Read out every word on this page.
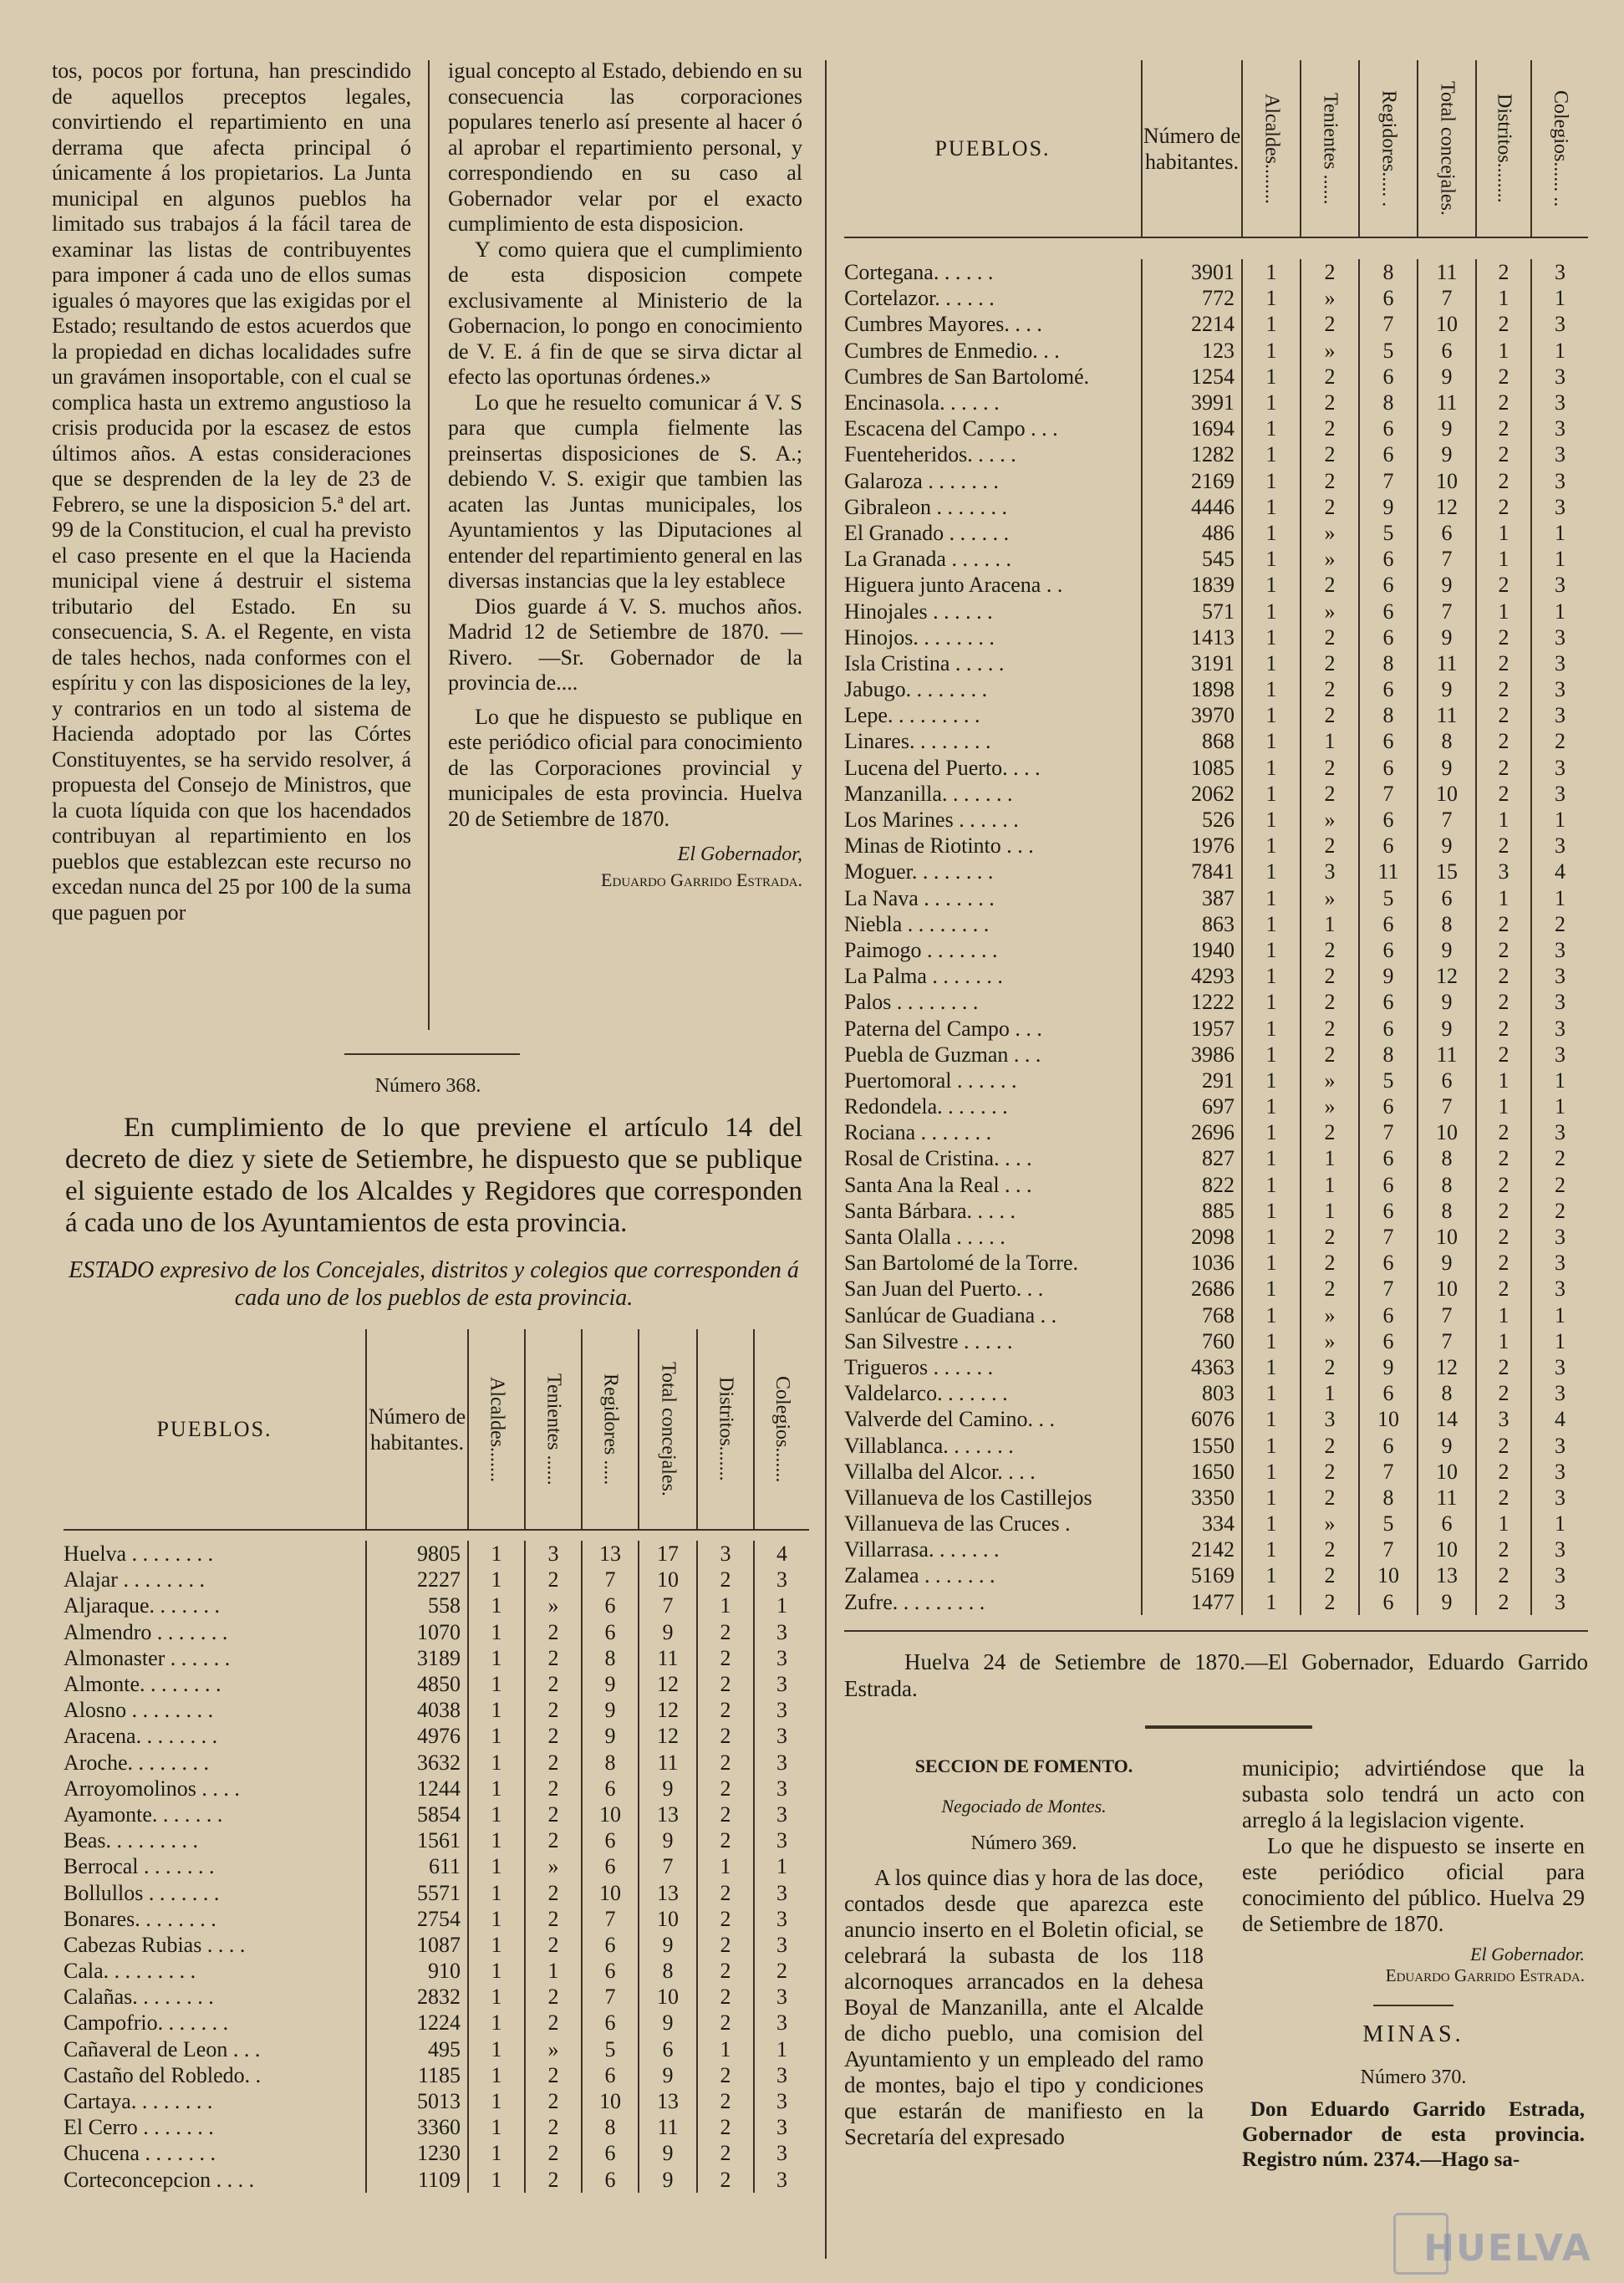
tos, pocos por fortuna, han prescindido de aquellos preceptos legales, convirtiendo el repartimiento en una derrama que afecta principal ó únicamente á los propietarios. La Junta municipal en algunos pueblos ha limitado sus trabajos á la fácil tarea de examinar las listas de contribuyentes para imponer á cada uno de ellos sumas iguales ó mayores que las exigidas por el Estado; resultando de estos acuerdos que la propiedad en dichas localidades sufre un gravámen insoportable, con el cual se complica hasta un extremo angustioso la crisis producida por la escasez de estos últimos años. A estas consideraciones que se desprenden de la ley de 23 de Febrero, se une la disposicion 5.ª del art. 99 de la Constitucion, el cual ha previsto el caso presente en el que la Hacienda municipal viene á destruir el sistema tributario del Estado. En su consecuencia, S. A. el Regente, en vista de tales hechos, nada conformes con el espíritu y con las disposiciones de la ley, y contrarios en un todo al sistema de Hacienda adoptado por las Córtes Constituyentes, se ha servido resolver, á propuesta del Consejo de Ministros, que la cuota líquida con que los hacendados contribuyan al repartimiento en los pueblos que establezcan este recurso no excedan nunca del 25 por 100 de la suma que paguen por

igual concepto al Estado, debiendo en su consecuencia las corporaciones populares tenerlo así presente al hacer ó al aprobar el repartimiento personal, y correspondiendo en su caso al Gobernador velar por el exacto cumplimiento de esta disposicion.

Y como quiera que el cumplimiento de esta disposicion compete exclusivamente al Ministerio de la Gobernacion, lo pongo en conocimiento de V. E. á fin de que se sirva dictar al efecto las oportunas órdenes.»

Lo que he resuelto comunicar á V. S para que cumpla fielmente las preinsertas disposiciones de S. A.; debiendo V. S. exigir que tambien las acaten las Juntas municipales, los Ayuntamientos y las Diputaciones al entender del repartimiento general en las diversas instancias que la ley establece

Dios guarde á V. S. muchos años. Madrid 12 de Setiembre de 1870. —Rivero. —Sr. Gobernador de la provincia de....

Lo que he dispuesto se publique en este periódico oficial para conocimiento de las Corporaciones provincial y municipales de esta provincia. Huelva 20 de Setiembre de 1870.

El Gobernador,

Eduardo Garrido Estrada.

Número 368.

En cumplimiento de lo que previene el artículo 14 del decreto de diez y siete de Setiembre, he dispuesto que se publique el siguiente estado de los Alcaldes y Regidores que corresponden á cada uno de los Ayuntamientos de esta provincia.

ESTADO expresivo de los Concejales, distritos y colegios que corresponden á cada uno de los pueblos de esta provincia.

PUEBLOS.	Número de habitantes.	Alcaldes.......	Tenientes ......	Regidores .....	Total concejales.	Distritos.......	Colegios.......

Huelva . . . . . . . .	9805	1	3	13	17	3	4
Alajar . . . . . . . .	2227	1	2	7	10	2	3
Aljaraque. . . . . . .	558	1	»	6	7	1	1
Almendro . . . . . . .	1070	1	2	6	9	2	3
Almonaster . . . . . .	3189	1	2	8	11	2	3
Almonte. . . . . . . .	4850	1	2	9	12	2	3
Alosno . . . . . . . .	4038	1	2	9	12	2	3
Aracena. . . . . . . .	4976	1	2	9	12	2	3
Aroche. . . . . . . .	3632	1	2	8	11	2	3
Arroyomolinos . . . .	1244	1	2	6	9	2	3
Ayamonte. . . . . . .	5854	1	2	10	13	2	3
Beas. . . . . . . . .	1561	1	2	6	9	2	3
Berrocal . . . . . . .	611	1	»	6	7	1	1
Bollullos . . . . . . .	5571	1	2	10	13	2	3
Bonares. . . . . . . .	2754	1	2	7	10	2	3
Cabezas Rubias . . . .	1087	1	2	6	9	2	3
Cala. . . . . . . . .	910	1	1	6	8	2	2
Calañas. . . . . . . .	2832	1	2	7	10	2	3
Campofrio. . . . . . .	1224	1	2	6	9	2	3
Cañaveral de Leon . . .	495	1	»	5	6	1	1
Castaño del Robledo. .	1185	1	2	6	9	2	3
Cartaya. . . . . . . .	5013	1	2	10	13	2	3
El Cerro . . . . . . .	3360	1	2	8	11	2	3
Chucena . . . . . . .	1230	1	2	6	9	2	3
Corteconcepcion . . . .	1109	1	2	6	9	2	3
PUEBLOS.	Número de habitantes.	Alcaldes........	Tenientes ......	Regidores..... .	Total concejales.	Distritos........	Colegios...... ..

Cortegana. . . . . .	3901	1	2	8	11	2	3
Cortelazor. . . . . .	772	1	»	6	7	1	1
Cumbres Mayores. . . .	2214	1	2	7	10	2	3
Cumbres de Enmedio. . .	123	1	»	5	6	1	1
Cumbres de San Bartolomé.	1254	1	2	6	9	2	3
Encinasola. . . . . .	3991	1	2	8	11	2	3
Escacena del Campo . . .	1694	1	2	6	9	2	3
Fuenteheridos. . . . .	1282	1	2	6	9	2	3
Galaroza . . . . . . .	2169	1	2	7	10	2	3
Gibraleon . . . . . . .	4446	1	2	9	12	2	3
El Granado . . . . . .	486	1	»	5	6	1	1
La Granada . . . . . .	545	1	»	6	7	1	1
Higuera junto Aracena . .	1839	1	2	6	9	2	3
Hinojales . . . . . .	571	1	»	6	7	1	1
Hinojos. . . . . . . .	1413	1	2	6	9	2	3
Isla Cristina . . . . .	3191	1	2	8	11	2	3
Jabugo. . . . . . . .	1898	1	2	6	9	2	3
Lepe. . . . . . . . .	3970	1	2	8	11	2	3
Linares. . . . . . . .	868	1	1	6	8	2	2
Lucena del Puerto. . . .	1085	1	2	6	9	2	3
Manzanilla. . . . . . .	2062	1	2	7	10	2	3
Los Marines . . . . . .	526	1	»	6	7	1	1
Minas de Riotinto . . .	1976	1	2	6	9	2	3
Moguer. . . . . . . .	7841	1	3	11	15	3	4
La Nava . . . . . . .	387	1	»	5	6	1	1
Niebla . . . . . . . .	863	1	1	6	8	2	2
Paimogo . . . . . . .	1940	1	2	6	9	2	3
La Palma . . . . . . .	4293	1	2	9	12	2	3
Palos . . . . . . . .	1222	1	2	6	9	2	3
Paterna del Campo . . .	1957	1	2	6	9	2	3
Puebla de Guzman . . .	3986	1	2	8	11	2	3
Puertomoral . . . . . .	291	1	»	5	6	1	1
Redondela. . . . . . .	697	1	»	6	7	1	1
Rociana . . . . . . .	2696	1	2	7	10	2	3
Rosal de Cristina. . . .	827	1	1	6	8	2	2
Santa Ana la Real . . .	822	1	1	6	8	2	2
Santa Bárbara. . . . .	885	1	1	6	8	2	2
Santa Olalla . . . . .	2098	1	2	7	10	2	3
San Bartolomé de la Torre.	1036	1	2	6	9	2	3
San Juan del Puerto. . .	2686	1	2	7	10	2	3
Sanlúcar de Guadiana . .	768	1	»	6	7	1	1
San Silvestre . . . . .	760	1	»	6	7	1	1
Trigueros . . . . . .	4363	1	2	9	12	2	3
Valdelarco. . . . . . .	803	1	1	6	8	2	3
Valverde del Camino. . .	6076	1	3	10	14	3	4
Villablanca. . . . . . .	1550	1	2	6	9	2	3
Villalba del Alcor. . . .	1650	1	2	7	10	2	3
Villanueva de los Castillejos	3350	1	2	8	11	2	3
Villanueva de las Cruces .	334	1	»	5	6	1	1
Villarrasa. . . . . . .	2142	1	2	7	10	2	3
Zalamea . . . . . . .	5169	1	2	10	13	2	3
Zufre. . . . . . . . .	1477	1	2	6	9	2	3

Huelva 24 de Setiembre de 1870.—El Gobernador, Eduardo Garrido Estrada.

SECCION DE FOMENTO.

Negociado de Montes.

Número 369.

A los quince dias y hora de las doce, contados desde que aparezca este anuncio inserto en el Boletin oficial, se celebrará la subasta de los 118 alcornoques arrancados en la dehesa Boyal de Manzanilla, ante el Alcalde de dicho pueblo, una comision del Ayuntamiento y un empleado del ramo de montes, bajo el tipo y condiciones que estarán de manifiesto en la Secretaría del expresado

municipio; advirtiéndose que la subasta solo tendrá un acto con arreglo á la legislacion vigente.

Lo que he dispuesto se inserte en este periódico oficial para conocimiento del público. Huelva 29 de Setiembre de 1870.

El Gobernador.

Eduardo Garrido Estrada.

MINAS.

Número 370.

Don Eduardo Garrido Estrada, Gobernador de esta provincia. Registro núm. 2374.—Hago sa-

HUELVA
